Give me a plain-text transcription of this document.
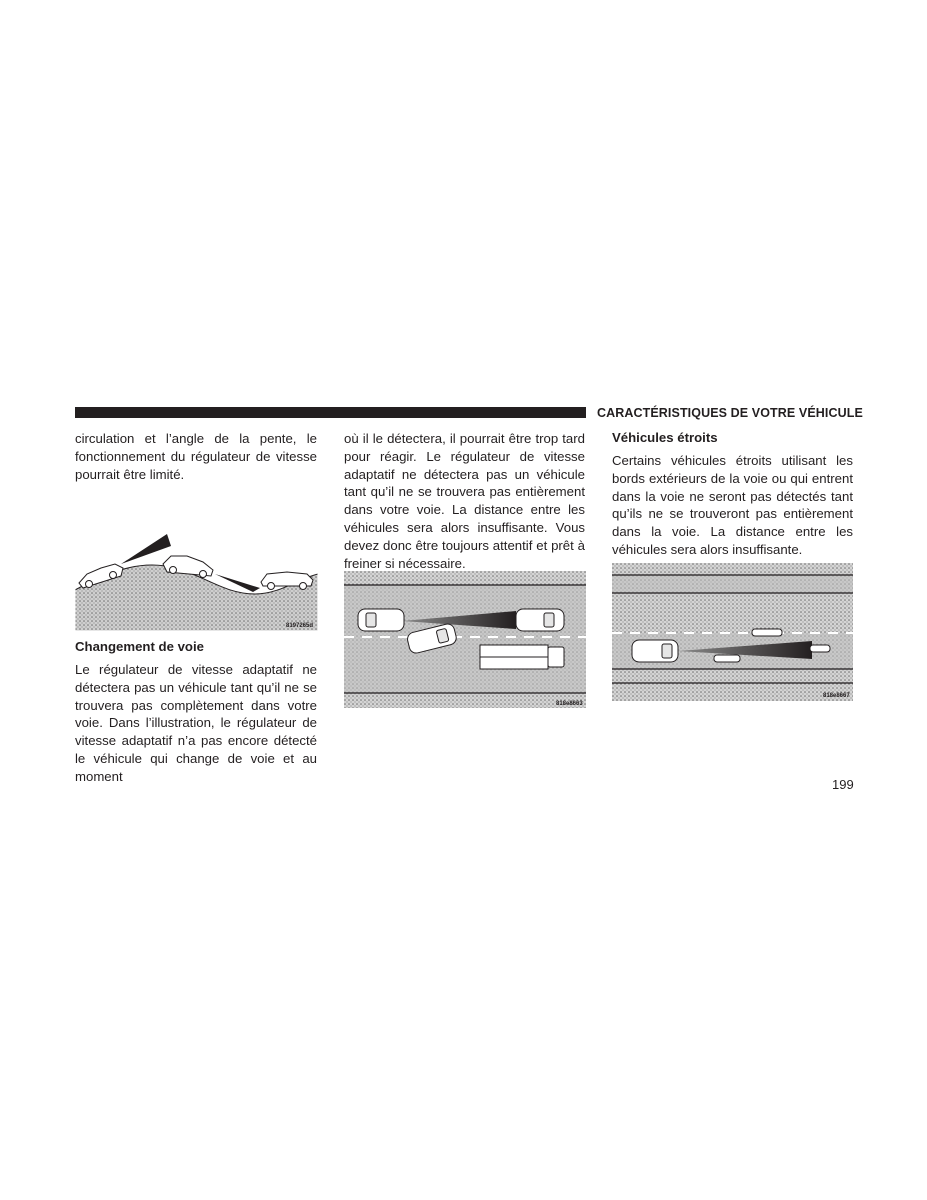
CARACTÉRISTIQUES DE VOTRE VÉHICULE

circulation et l’angle de la pente, le fonctionnement du régulateur de vitesse pourrait être limité.

8197265d
Changement de voie

Le régulateur de vitesse adaptatif ne détectera pas un véhicule tant qu’il ne se trouvera pas complètement dans votre voie. Dans l’illustration, le régulateur de vitesse adaptatif n’a pas encore détecté le véhicule qui change de voie et au moment

où il le détectera, il pourrait être trop tard pour réagir. Le régulateur de vitesse adaptatif ne détectera pas un véhicule tant qu’il ne se trouvera pas entièrement dans votre voie. La distance entre les véhicules sera alors insuffisante. Vous devez donc être toujours attentif et prêt à freiner si nécessaire.

818e8663
Véhicules étroits

Certains véhicules étroits utilisant les bords extérieurs de la voie ou qui entrent dans la voie ne seront pas détectés tant qu’ils ne se trouveront pas entièrement dans la voie. La distance entre les véhicules sera alors insuffisante.

818e8667
199
